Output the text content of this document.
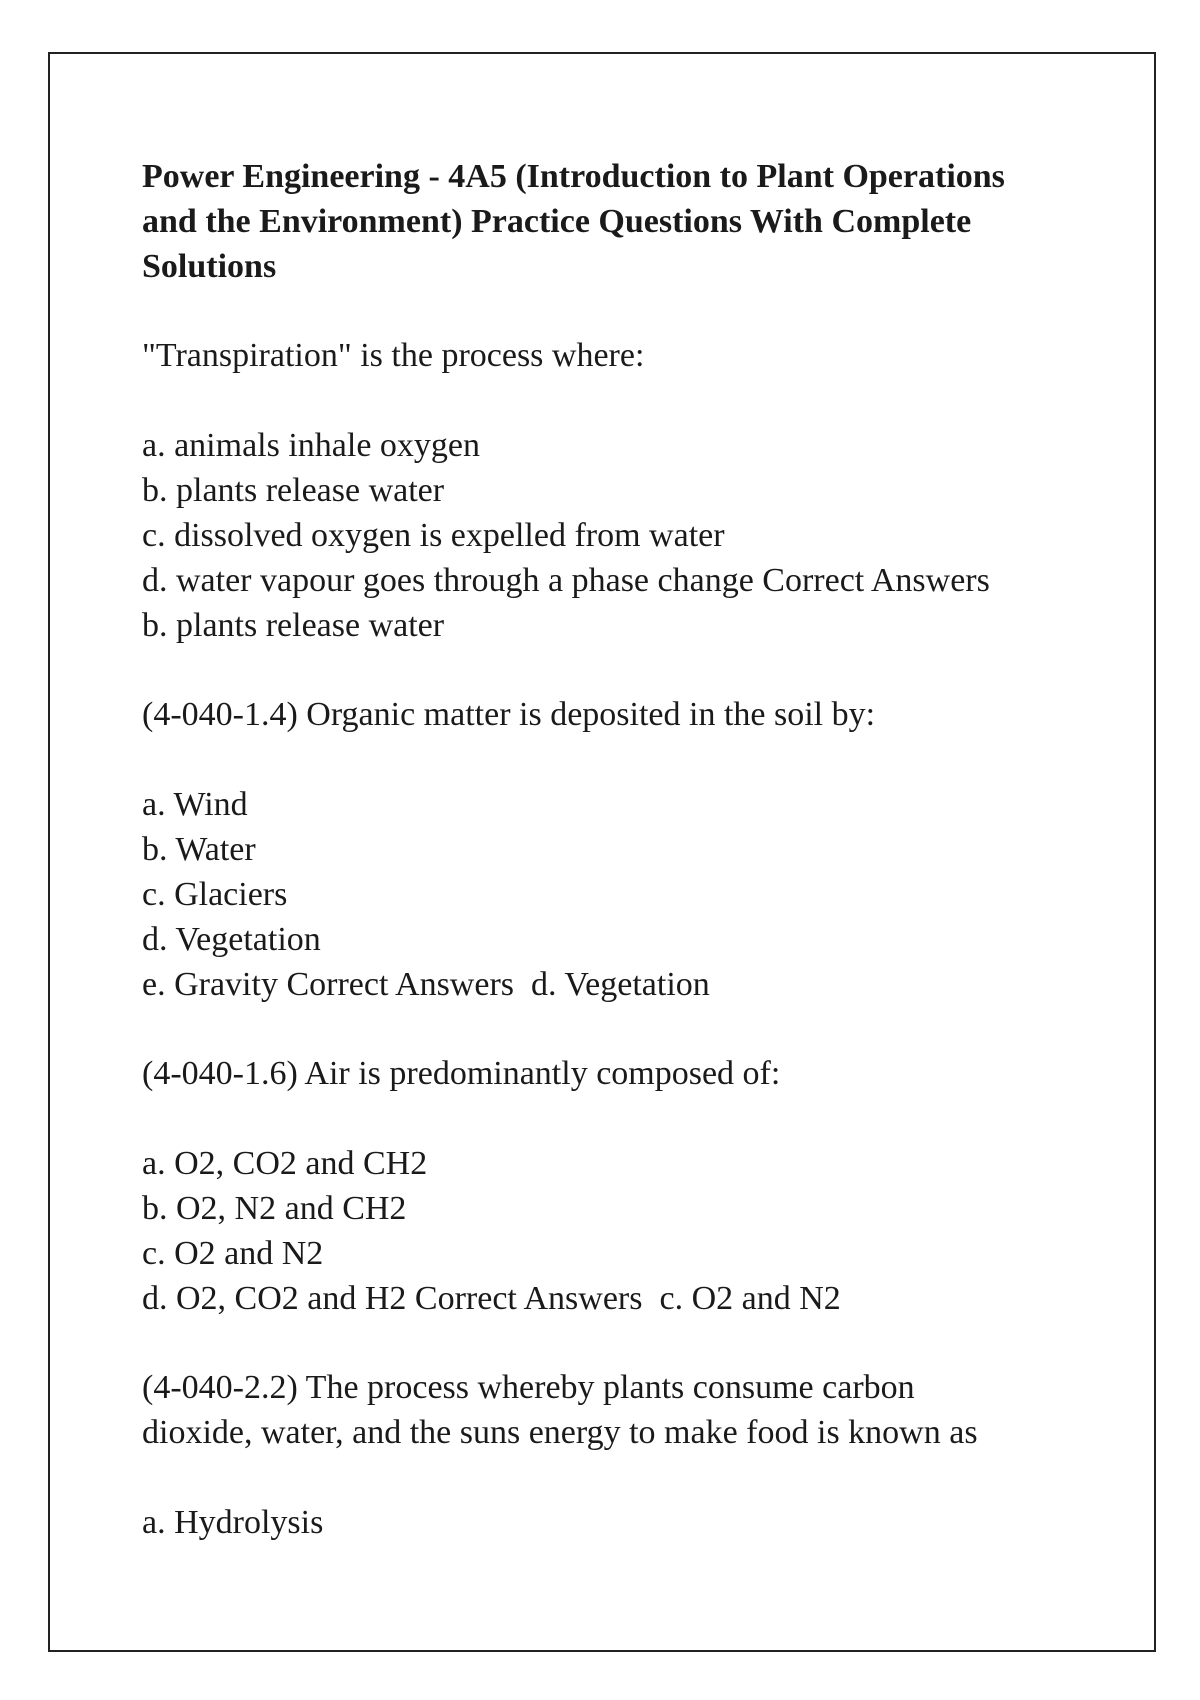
Power Engineering - 4A5 (Introduction to Plant Operations
and the Environment) Practice Questions With Complete
Solutions
"Transpiration" is the process where:
a. animals inhale oxygen
b. plants release water
c. dissolved oxygen is expelled from water
d. water vapour goes through a phase change Correct Answers
b. plants release water
(4-040-1.4) Organic matter is deposited in the soil by:
a. Wind
b. Water
c. Glaciers
d. Vegetation
e. Gravity Correct Answers  d. Vegetation
(4-040-1.6) Air is predominantly composed of:
a. O2, CO2 and CH2
b. O2, N2 and CH2
c. O2 and N2
d. O2, CO2 and H2 Correct Answers  c. O2 and N2
(4-040-2.2) The process whereby plants consume carbon
dioxide, water, and the suns energy to make food is known as
a. Hydrolysis
